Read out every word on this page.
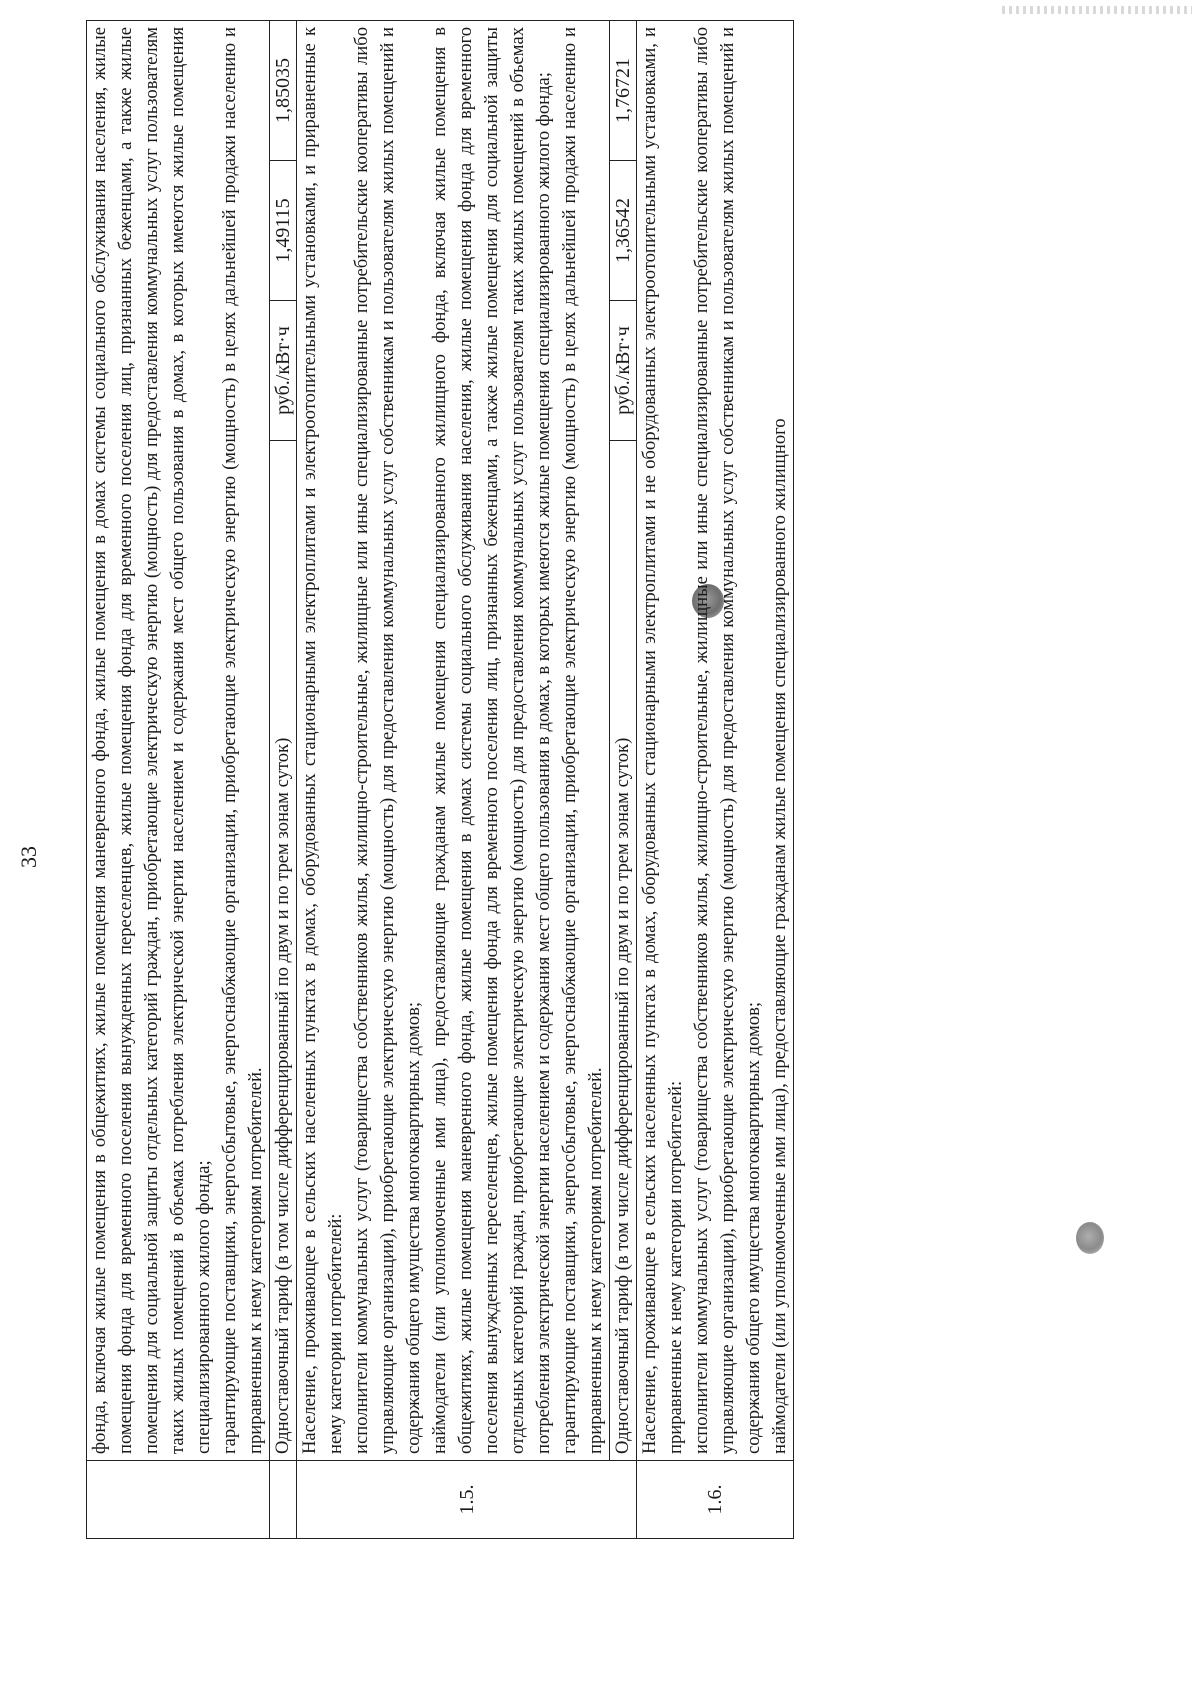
33

	фонда, включая жилые помещения в общежитиях, жилые помещения маневренного фонда, жилые помещения в домах системы социального обслуживания населения, жилые помещения фонда для временного поселения вынужденных переселенцев, жилые помещения фонда для временного поселения лиц, признанных беженцами, а также жилые помещения для социальной защиты отдельных категорий граждан, приобретающие электрическую энергию (мощность) для предоставления коммунальных услуг пользователям таких жилых помещений в объемах потребления электрической энергии населением и содержания мест общего пользования в домах, в которых имеются жилые помещения специализированного жилого фонда; гарантирующие поставщики, энергосбытовые, энергоснабжающие организации, приобретающие электрическую энергию (мощность) в целях дальнейшей продажи населению и приравненным к нему категориям потребителей.			

	Одноставочный тариф (в том числе дифференцированный по двум и по трем зонам суток)	руб./кВт·ч	1,49115	1,85035
1.5.	Население, проживающее в сельских населенных пунктах в домах, оборудованных стационарными электроплитами и электроотопительными установками, и приравненные к нему категории потребителей: исполнители коммунальных услуг (товарищества собственников жилья, жилищно-строительные, жилищные или иные специализированные потребительские кооперативы либо управляющие организации), приобретающие электрическую энергию (мощность) для предоставления коммунальных услуг собственникам и пользователям жилых помещений и содержания общего имущества многоквартирных домов; наймодатели (или уполномоченные ими лица), предоставляющие гражданам жилые помещения специализированного жилищного фонда, включая жилые помещения в общежитиях, жилые помещения маневренного фонда, жилые помещения в домах системы социального обслуживания населения, жилые помещения фонда для временного поселения вынужденных переселенцев, жилые помещения фонда для временного поселения лиц, признанных беженцами, а также жилые помещения для социальной защиты отдельных категорий граждан, приобретающие электрическую энергию (мощность) для предоставления коммунальных услуг пользователям таких жилых помещений в объемах потребления электрической энергии населением и содержания мест общего пользования в домах, в которых имеются жилые помещения специализированного жилого фонда; гарантирующие поставщики, энергосбытовые, энергоснабжающие организации, приобретающие электрическую энергию (мощность) в целях дальнейшей продажи населению и приравненным к нему категориям потребителей.			

	Одноставочный тариф (в том числе дифференцированный по двум и по трем зонам суток)	руб./кВт·ч	1,36542	1,76721
1.6.	Население, проживающее в сельских населенных пунктах в домах, оборудованных стационарными электроплитами и не оборудованных электроотопительными установками, и приравненные к нему категории потребителей: исполнители коммунальных услуг (товарищества собственников жилья, жилищно-строительные, жилищные или иные специализированные потребительские кооперативы либо управляющие организации), приобретающие электрическую энергию (мощность) для предоставления коммунальных услуг собственникам и пользователям жилых помещений и содержания общего имущества многоквартирных домов; наймодатели (или уполномоченные ими лица), предоставляющие гражданам жилые помещения специализированного жилищного			
